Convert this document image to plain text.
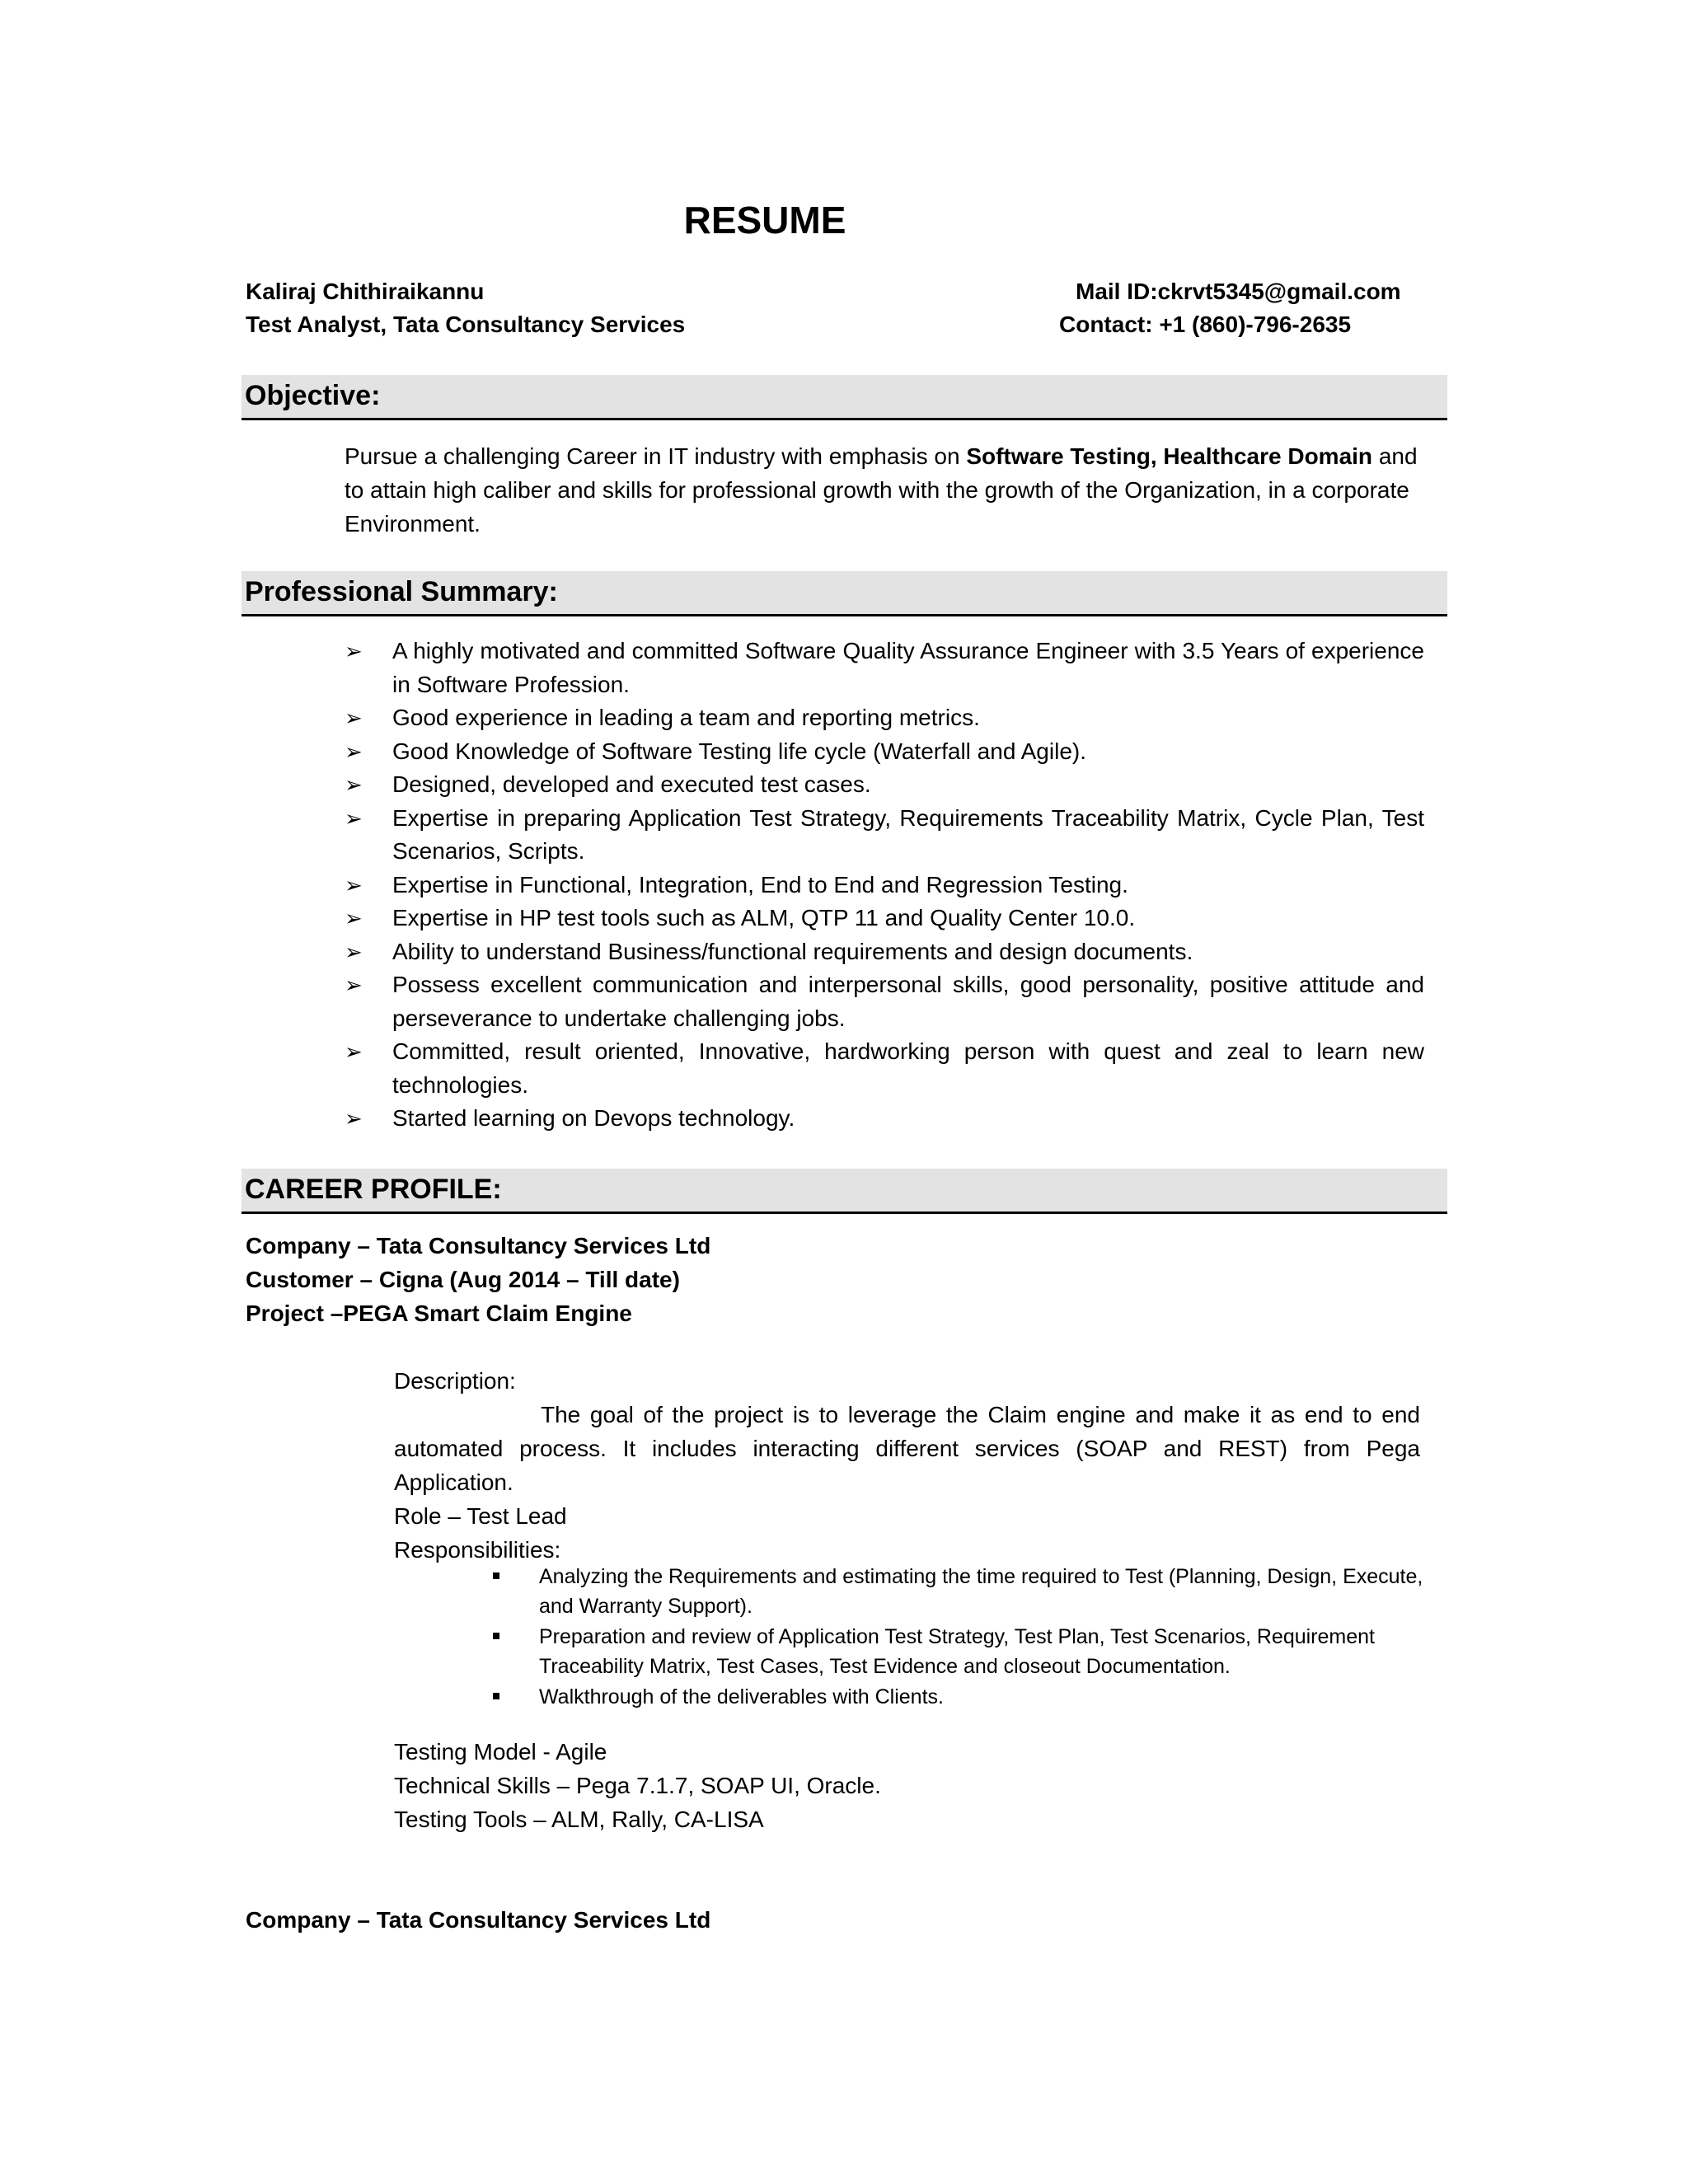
RESUME
Kaliraj Chithiraikannu
Test Analyst, Tata Consultancy Services
Mail ID:ckrvt5345@gmail.com
Contact: +1 (860)-796-2635
Objective:
Pursue a challenging Career in IT industry with emphasis on Software Testing, Healthcare Domain and to attain high caliber and skills for professional growth with the growth of the Organization, in a corporate Environment.
Professional Summary:
➢ A highly motivated and committed Software Quality Assurance Engineer with 3.5 Years of experience in Software Profession.
➢ Good experience in leading a team and reporting metrics.
➢ Good Knowledge of Software Testing life cycle (Waterfall and Agile).
➢ Designed, developed and executed test cases.
➢ Expertise in preparing Application Test Strategy, Requirements Traceability Matrix, Cycle Plan, Test Scenarios, Scripts.
➢ Expertise in Functional, Integration, End to End and Regression Testing.
➢ Expertise in HP test tools such as ALM, QTP 11 and Quality Center 10.0.
➢ Ability to understand Business/functional requirements and design documents.
➢ Possess excellent communication and interpersonal skills, good personality, positive attitude and perseverance to undertake challenging jobs.
➢ Committed, result oriented, Innovative, hardworking person with quest and zeal to learn new technologies.
➢ Started learning on Devops technology.
CAREER PROFILE:
Company – Tata Consultancy Services Ltd
Customer – Cigna (Aug 2014 – Till date)
Project –PEGA Smart Claim Engine
Description:
The goal of the project is to leverage the Claim engine and make it as end to end automated process. It includes interacting different services (SOAP and REST) from Pega Application.
Role – Test Lead
Responsibilities:
Analyzing the Requirements and estimating the time required to Test (Planning, Design, Execute, and Warranty Support).
Preparation and review of Application Test Strategy, Test Plan, Test Scenarios, Requirement Traceability Matrix, Test Cases, Test Evidence and closeout Documentation.
Walkthrough of the deliverables with Clients.
Testing Model - Agile
Technical Skills – Pega 7.1.7, SOAP UI, Oracle.
Testing Tools – ALM, Rally, CA-LISA
Company – Tata Consultancy Services Ltd
